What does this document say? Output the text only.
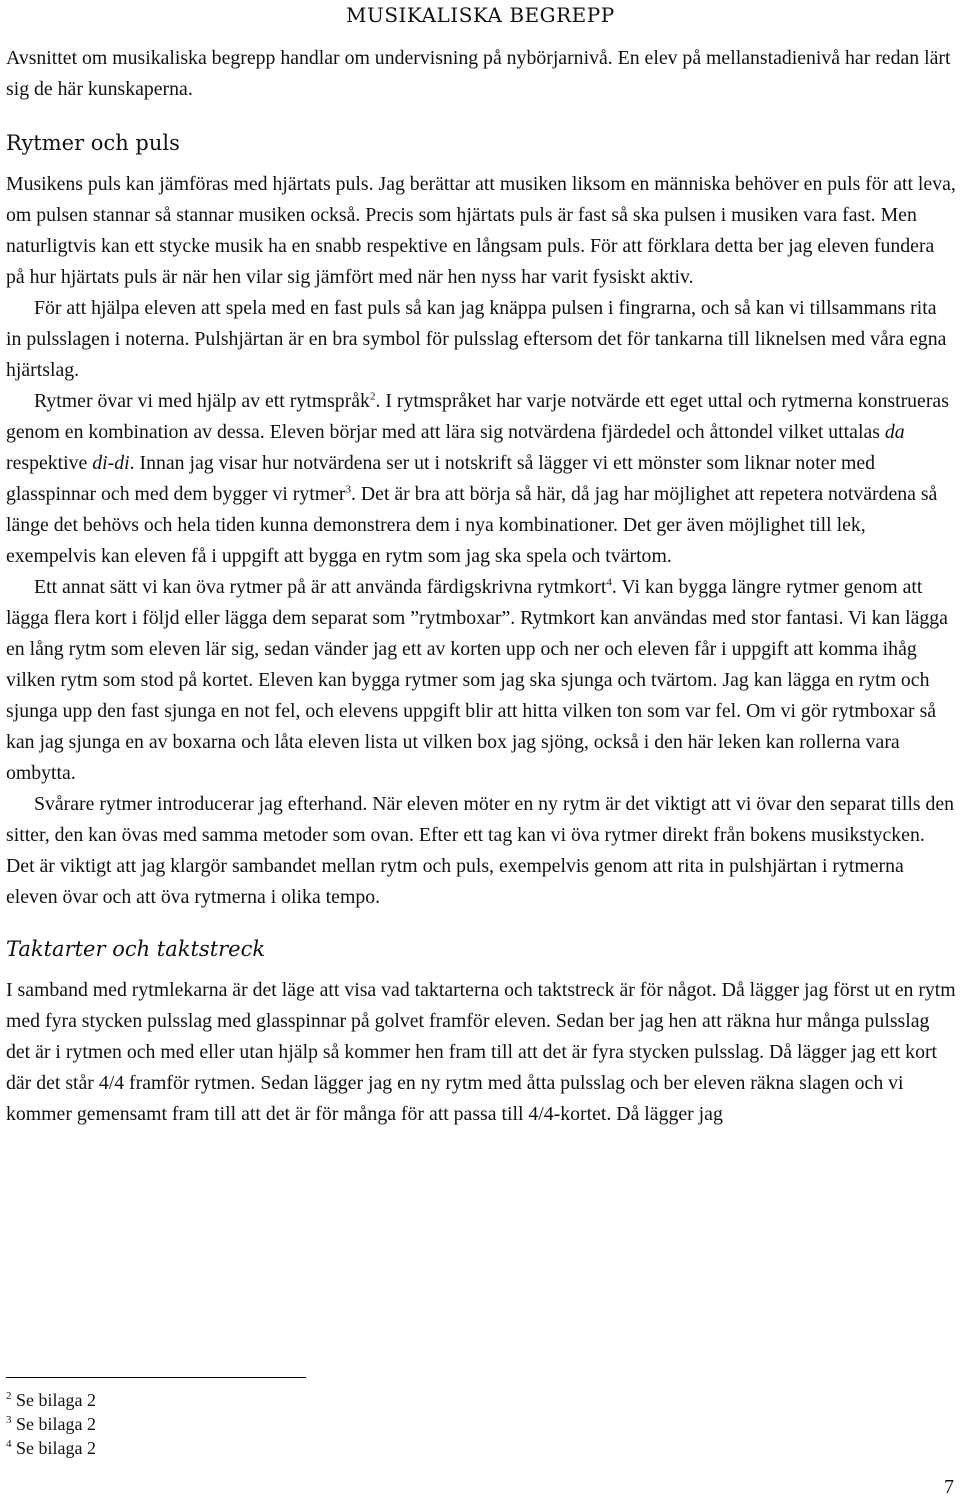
MUSIKALISKA BEGREPP

Avsnittet om musikaliska begrepp handlar om undervisning på nybörjarnivå. En elev på mellanstadienivå har redan lärt sig de här kunskaperna.

Rytmer och puls

Musikens puls kan jämföras med hjärtats puls. Jag berättar att musiken liksom en människa behöver en puls för att leva, om pulsen stannar så stannar musiken också. Precis som hjärtats puls är fast så ska pulsen i musiken vara fast. Men naturligtvis kan ett stycke musik ha en snabb respektive en långsam puls. För att förklara detta ber jag eleven fundera på hur hjärtats puls är när hen vilar sig jämfört med när hen nyss har varit fysiskt aktiv.

För att hjälpa eleven att spela med en fast puls så kan jag knäppa pulsen i fingrarna, och så kan vi tillsammans rita in pulsslagen i noterna. Pulshjärtan är en bra symbol för pulsslag eftersom det för tankarna till liknelsen med våra egna hjärtslag.

Rytmer övar vi med hjälp av ett rytmspråk$^2$. I rytmspråket har varje notvärde ett eget uttal och rytmerna konstrueras genom en kombination av dessa. Eleven börjar med att lära sig notvärdena fjärdedel och åttondel vilket uttalas da respektive di-di. Innan jag visar hur notvärdena ser ut i notskrift så lägger vi ett mönster som liknar noter med glasspinnar och med dem bygger vi rytmer$^3$. Det är bra att börja så här, då jag har möjlighet att repetera notvärdena så länge det behövs och hela tiden kunna demonstrera dem i nya kombinationer. Det ger även möjlighet till lek, exempelvis kan eleven få i uppgift att bygga en rytm som jag ska spela och tvärtom.

Ett annat sätt vi kan öva rytmer på är att använda färdigskrivna rytmkort$^4$. Vi kan bygga längre rytmer genom att lägga flera kort i följd eller lägga dem separat som ”rytmboxar”. Rytmkort kan användas med stor fantasi. Vi kan lägga en lång rytm som eleven lär sig, sedan vänder jag ett av korten upp och ner och eleven får i uppgift att komma ihåg vilken rytm som stod på kortet. Eleven kan bygga rytmer som jag ska sjunga och tvärtom. Jag kan lägga en rytm och sjunga upp den fast sjunga en not fel, och elevens uppgift blir att hitta vilken ton som var fel. Om vi gör rytmboxar så kan jag sjunga en av boxarna och låta eleven lista ut vilken box jag sjöng, också i den här leken kan rollerna vara ombytta.

Svårare rytmer introducerar jag efterhand. När eleven möter en ny rytm är det viktigt att vi övar den separat tills den sitter, den kan övas med samma metoder som ovan. Efter ett tag kan vi öva rytmer direkt från bokens musikstycken. Det är viktigt att jag klargör sambandet mellan rytm och puls, exempelvis genom att rita in pulshjärtan i rytmerna eleven övar och att öva rytmerna i olika tempo.

Taktarter och taktstreck

I samband med rytmlekarna är det läge att visa vad taktarterna och taktstreck är för något. Då lägger jag först ut en rytm med fyra stycken pulsslag med glasspinnar på golvet framför eleven. Sedan ber jag hen att räkna hur många pulsslag det är i rytmen och med eller utan hjälp så kommer hen fram till att det är fyra stycken pulsslag. Då lägger jag ett kort där det står 4/4 framför rytmen. Sedan lägger jag en ny rytm med åtta pulsslag och ber eleven räkna slagen och vi kommer gemensamt fram till att det är för många för att passa till 4/4-kortet. Då lägger jag

$^2$ Se bilaga 2
$^3$ Se bilaga 2
$^4$ Se bilaga 2
7
